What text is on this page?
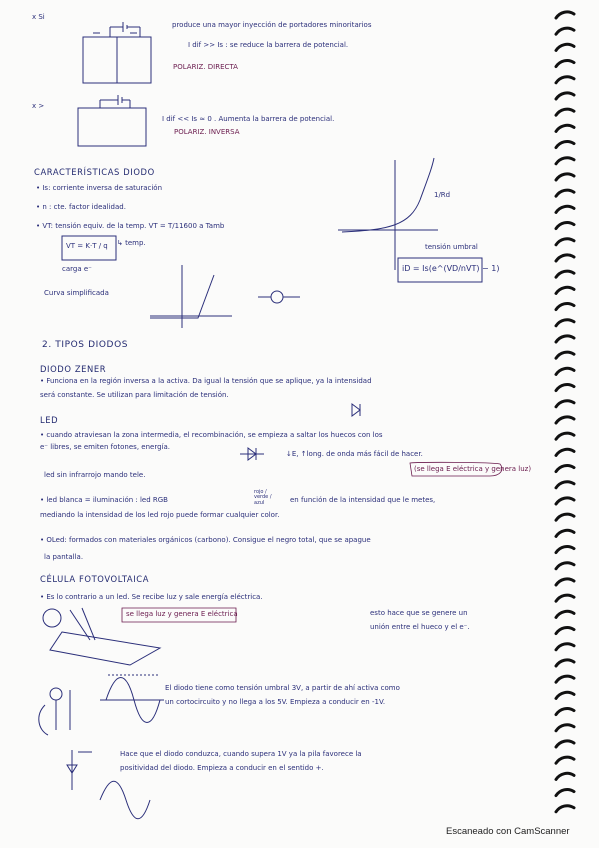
x Si
produce una mayor inyección de portadores minoritarios
I dif >> Is : se reduce la barrera de potencial.
POLARIZ. DIRECTA
x >
I dif << Is ≈ 0 . Aumenta la barrera de potencial.
POLARIZ. INVERSA
CARACTERÍSTICAS DIODO
• Is: corriente inversa de saturación
• n : cte. factor idealidad.
• VT: tensión equiv. de la temp. VT = T/11600 a Tamb
VT = K·T / q ↳ temp.
carga e⁻
Curva simplificada
1/Rd
tensión umbral
iD = Is(e^(VD/nVT) − 1)
2. TIPOS DIODOS
DIODO ZENER
• Funciona en la región inversa a la activa. Da igual la tensión que se aplique, ya la intensidad
será constante. Se utilizan para limitación de tensión.
LED
• cuando atraviesan la zona intermedia, el recombinación, se empieza a saltar los huecos con los
e⁻ libres, se emiten fotones, energía.
↓E, ↑long. de onda más fácil de hacer.
(se llega E eléctrica y genera luz)
led sin infrarrojo mando tele.
• led blanca = iluminación : led RGB
rojo / verde / azul	en función de la intensidad que le metes,
mediando la intensidad de los led rojo puede formar cualquier color.
• OLed: formados con materiales orgánicos (carbono). Consigue el negro total, que se apague
la pantalla.
CÉLULA FOTOVOLTAICA
• Es lo contrario a un led. Se recibe luz y sale energía eléctrica.
se llega luz y genera E eléctrica	esto hace que se genere un
unión entre el hueco y el e⁻.
El diodo tiene como tensión umbral 3V, a partir de ahí activa como
un cortocircuito y no llega a los 5V. Empieza a conducir en -1V.
Hace que el diodo conduzca, cuando supera 1V ya la pila favorece la
positividad del diodo. Empieza a conducir en el sentido +.
Escaneado con CamScanner
